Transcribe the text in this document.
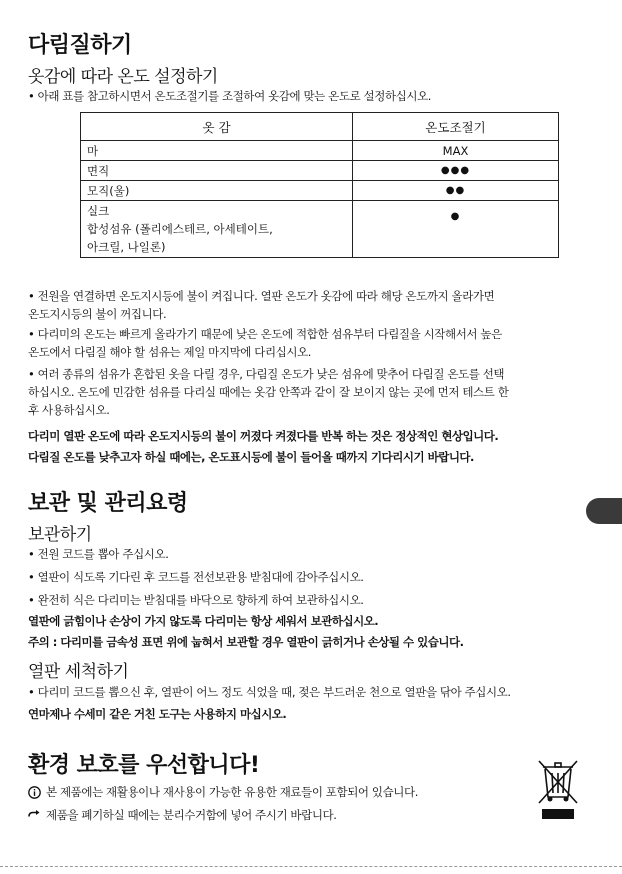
다림질하기
옷감에 따라 온도 설정하기
• 아래 표를 참고하시면서 온도조절기를 조절하여 옷감에 맞는 온도로 설정하십시오.
옷 감	온도조절기
마	MAX
면직	●●●
모직(울)	●●

실크
합성섬유 (폴리에스테르, 아세테이트,
아크릴, 나일론)	●
• 전원을 연결하면 온도지시등에 불이 켜집니다. 열판 온도가 옷감에 따라 해당 온도까지 올라가면
온도지시등의 불이 꺼집니다.
• 다리미의 온도는 빠르게 올라가기 때문에 낮은 온도에 적합한 섬유부터 다림질을 시작해서서 높은
온도에서 다림질 해야 할 섬유는 제일 마지막에 다리십시오.
• 여러 종류의 섬유가 혼합된 옷을 다릴 경우, 다림질 온도가 낮은 섬유에 맞추어 다림질 온도를 선택
하십시오. 온도에 민감한 섬유를 다리실 때에는 옷감 안쪽과 같이 잘 보이지 않는 곳에 먼저 테스트 한
후 사용하십시오.
다리미 열판 온도에 따라 온도지시등의 불이 꺼졌다 켜졌다를 반복 하는 것은 정상적인 현상입니다.
다림질 온도를 낮추고자 하실 때에는, 온도표시등에 불이 들어올 때까지 기다리시기 바랍니다.
보관 및 관리요령
보관하기
• 전원 코드를 뽑아 주십시오.
• 열판이 식도록 기다린 후 코드를 전선보관용 받침대에 감아주십시오.
• 완전히 식은 다리미는 받침대를 바닥으로 향하게 하여 보관하십시오.
열판에 긁힘이나 손상이 가지 않도록 다리미는 항상 세워서 보관하십시오.
주의 : 다리미를 금속성 표면 위에 눕혀서 보관할 경우 열판이 긁히거나 손상될 수 있습니다.
열판 세척하기
• 다리미 코드를 뽑으신 후, 열판이 어느 정도 식었을 때, 젖은 부드러운 천으로 열판을 닦아 주십시오.
연마제나 수세미 같은 거친 도구는 사용하지 마십시오.
환경 보호를 우선합니다!
본 제품에는 재활용이나 재사용이 가능한 유용한 재료들이 포함되어 있습니다.
제품을 폐기하실 때에는 분리수거함에 넣어 주시기 바랍니다.
